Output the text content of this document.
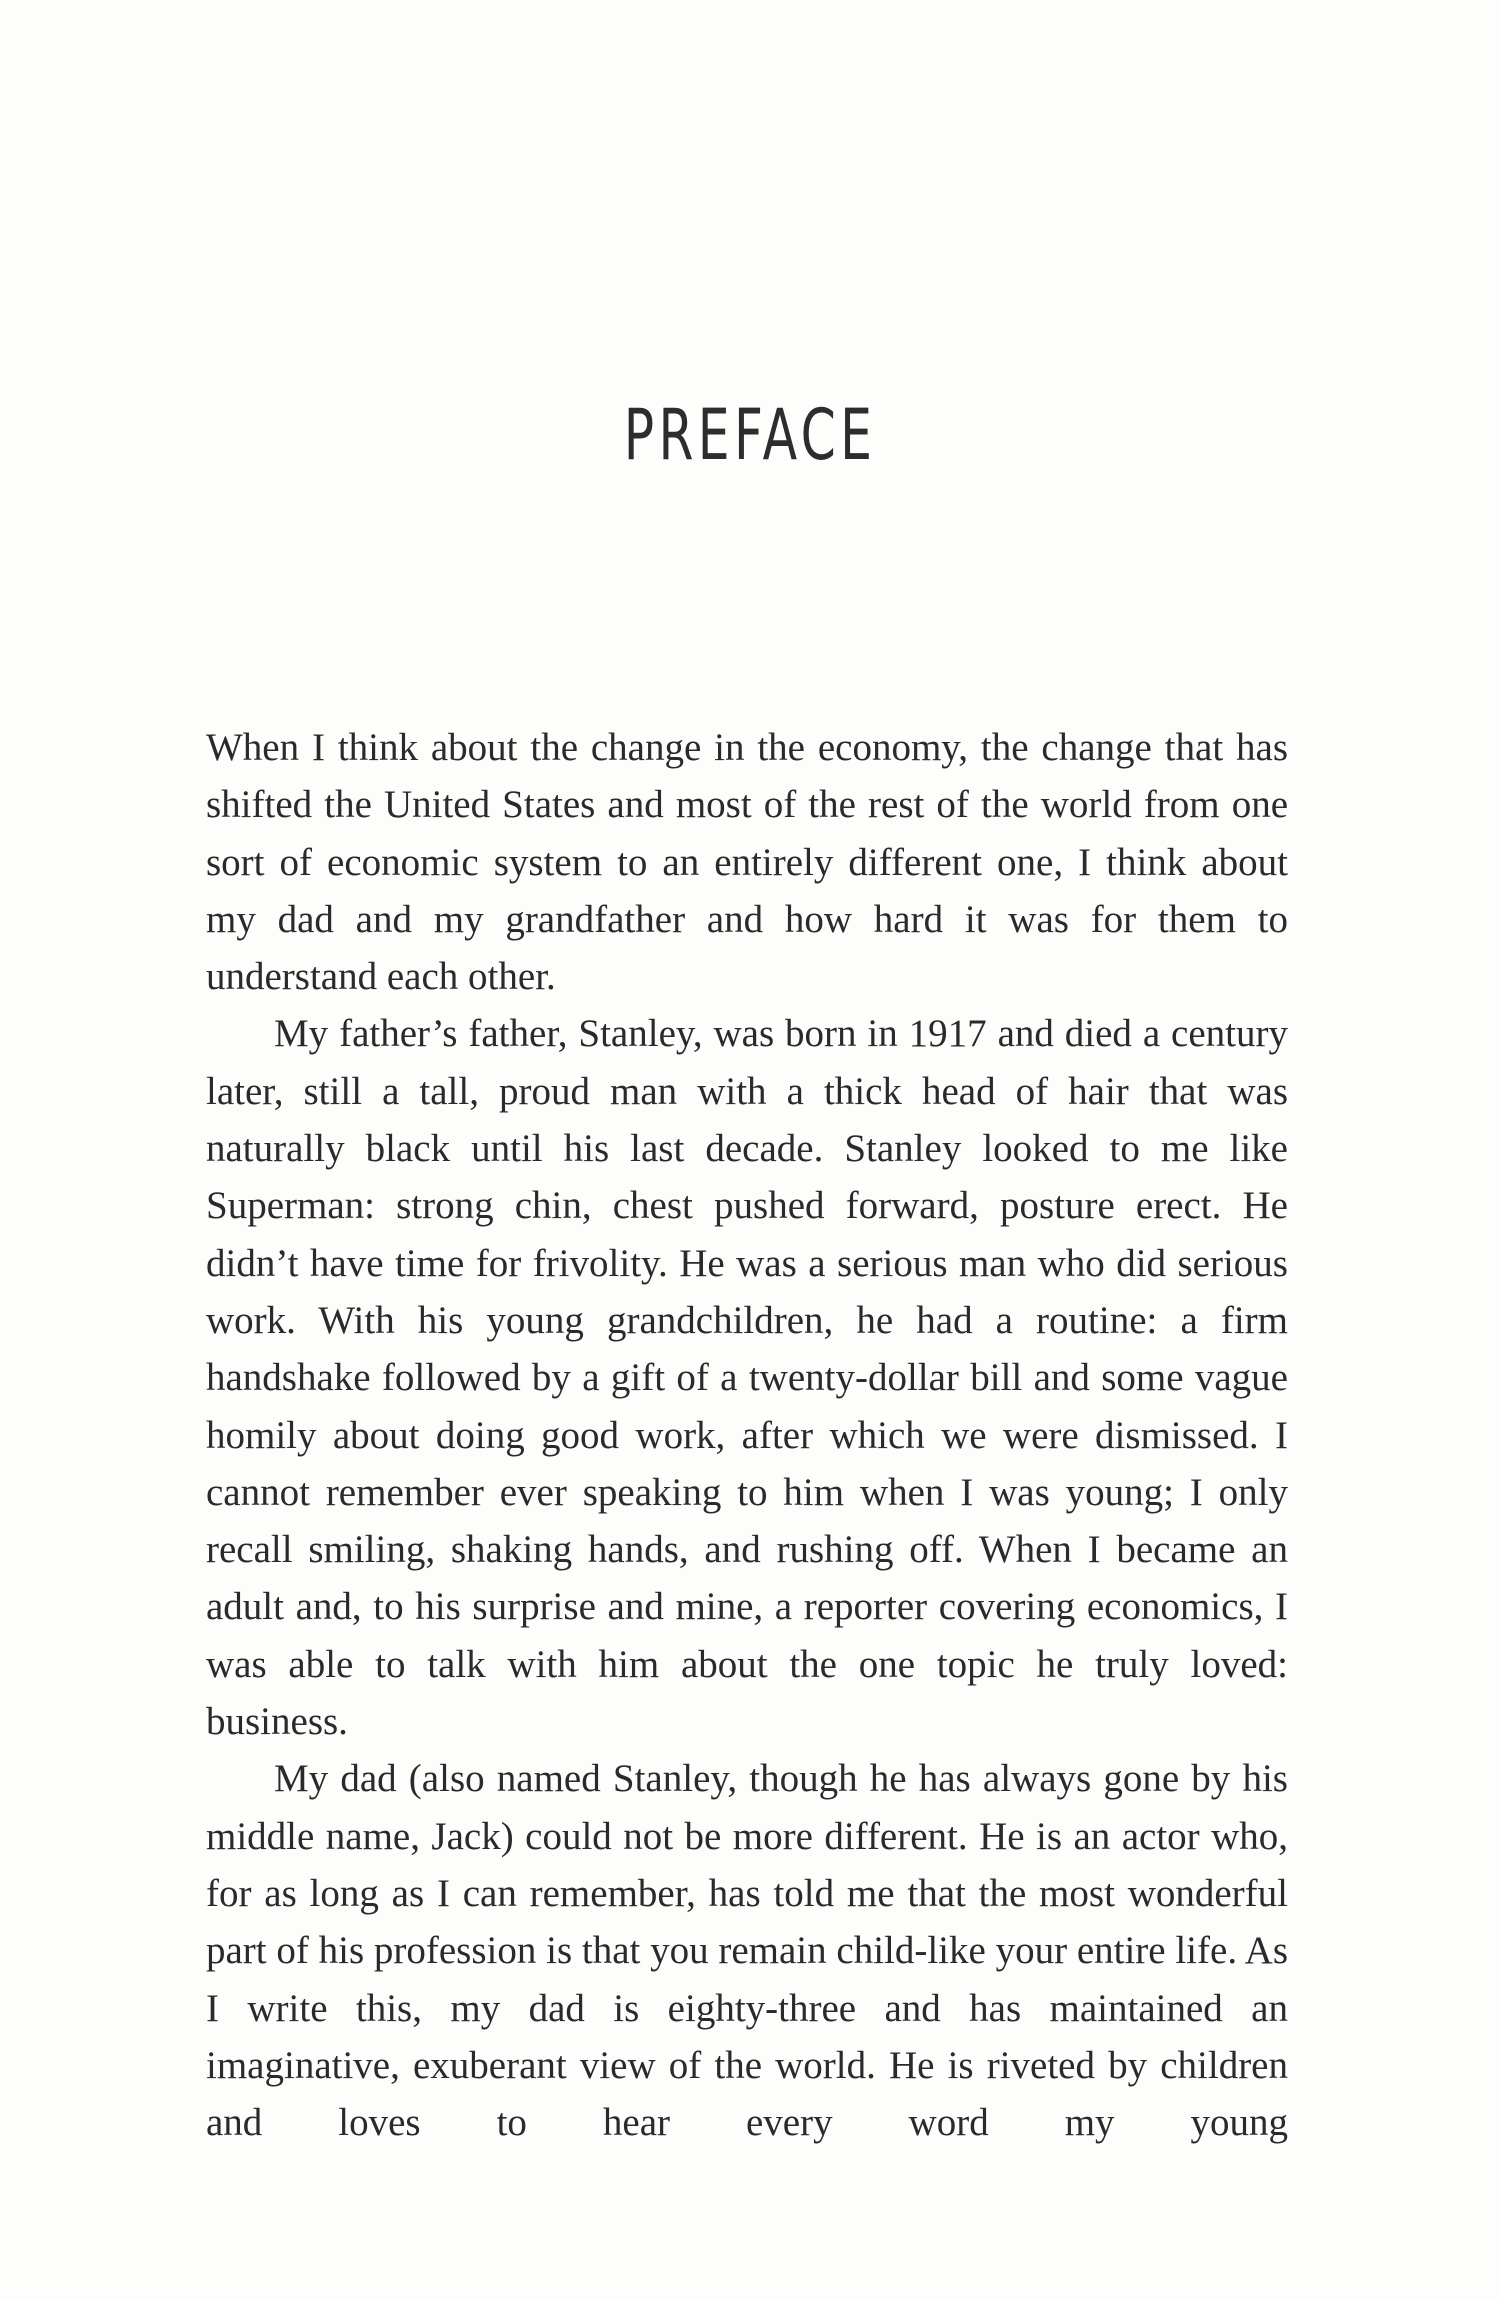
PREFACE

When I think about the change in the economy, the change that has shifted the United States and most of the rest of the world from one sort of economic system to an entirely different one, I think about my dad and my grandfather and how hard it was for them to understand each other.

My father’s father, Stanley, was born in 1917 and died a century later, still a tall, proud man with a thick head of hair that was naturally black until his last decade. Stanley looked to me like Superman: strong chin, chest pushed forward, posture erect. He didn’t have time for frivolity. He was a serious man who did serious work. With his young grandchildren, he had a routine: a firm handshake followed by a gift of a twenty-dollar bill and some vague homily about doing good work, after which we were dismissed. I cannot remember ever speaking to him when I was young; I only recall smiling, shaking hands, and rushing off. When I became an adult and, to his surprise and mine, a reporter covering economics, I was able to talk with him about the one topic he truly loved: business.

My dad (also named Stanley, though he has always gone by his middle name, Jack) could not be more different. He is an actor who, for as long as I can remember, has told me that the most wonderful part of his profession is that you remain child-like your entire life. As I write this, my dad is eighty-three and has maintained an imaginative, exuberant view of the world. He is riveted by children and loves to hear every word my young
